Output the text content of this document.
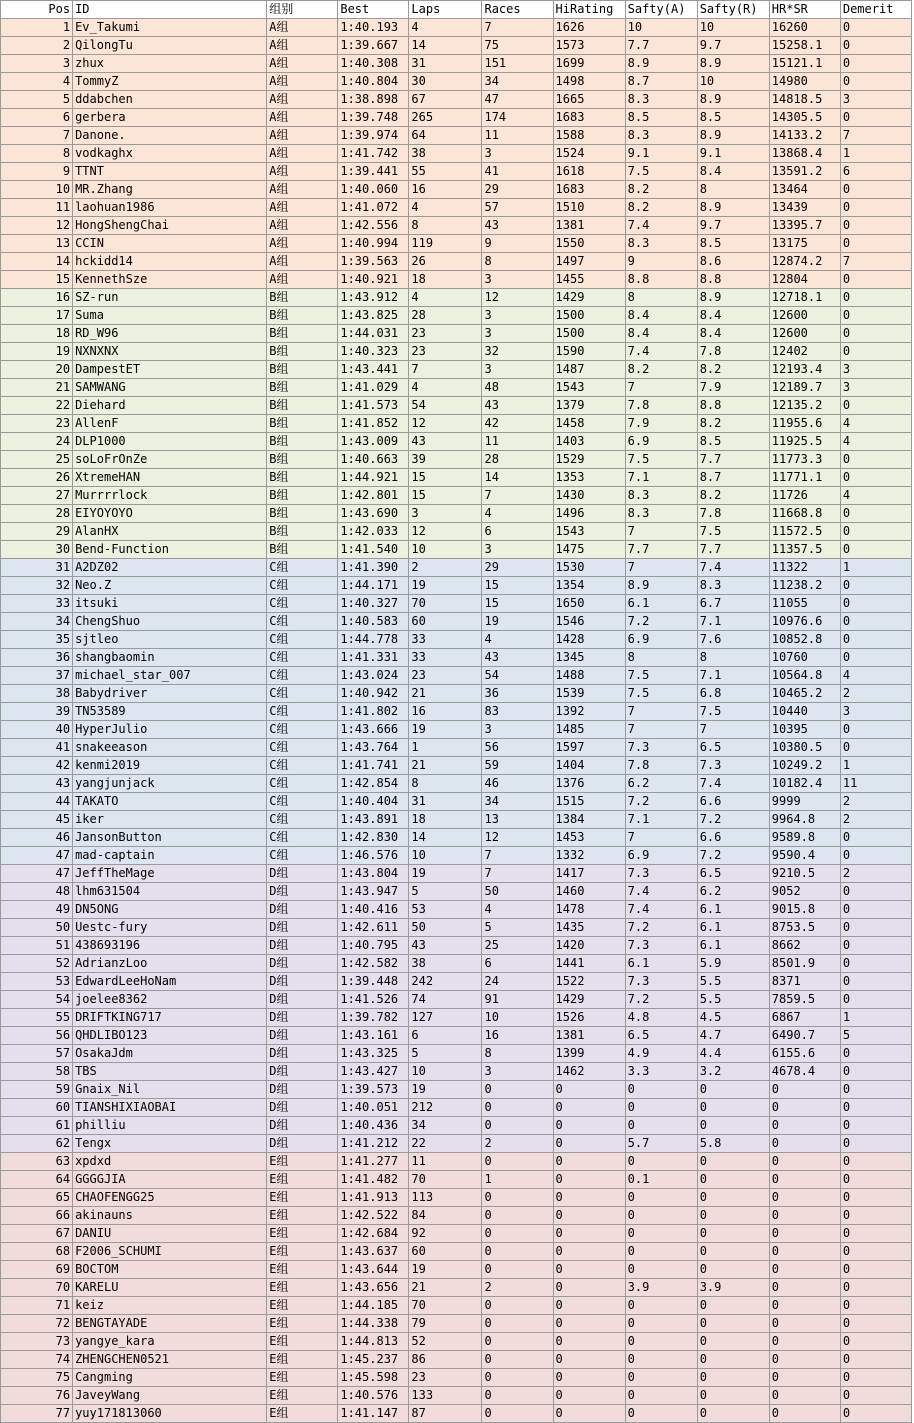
Pos	ID	组别	Best	Laps	Races	HiRating	Safty(A)	Safty(R)	HR*SR	Demerit
1	Ev_Takumi	A组	1:40.193	4	7	1626	10	10	16260	0
2	QilongTu	A组	1:39.667	14	75	1573	7.7	9.7	15258.1	0
3	zhux	A组	1:40.308	31	151	1699	8.9	8.9	15121.1	0
4	TommyZ	A组	1:40.804	30	34	1498	8.7	10	14980	0
5	ddabchen	A组	1:38.898	67	47	1665	8.3	8.9	14818.5	3
6	gerbera	A组	1:39.748	265	174	1683	8.5	8.5	14305.5	0
7	Danone.	A组	1:39.974	64	11	1588	8.3	8.9	14133.2	7
8	vodkaghx	A组	1:41.742	38	3	1524	9.1	9.1	13868.4	1
9	TTNT	A组	1:39.441	55	41	1618	7.5	8.4	13591.2	6
10	MR.Zhang	A组	1:40.060	16	29	1683	8.2	8	13464	0
11	laohuan1986	A组	1:41.072	4	57	1510	8.2	8.9	13439	0
12	HongShengChai	A组	1:42.556	8	43	1381	7.4	9.7	13395.7	0
13	CCIN	A组	1:40.994	119	9	1550	8.3	8.5	13175	0
14	hckidd14	A组	1:39.563	26	8	1497	9	8.6	12874.2	7
15	KennethSze	A组	1:40.921	18	3	1455	8.8	8.8	12804	0
16	SZ-run	B组	1:43.912	4	12	1429	8	8.9	12718.1	0
17	Suma	B组	1:43.825	28	3	1500	8.4	8.4	12600	0
18	RD_W96	B组	1:44.031	23	3	1500	8.4	8.4	12600	0
19	NXNXNX	B组	1:40.323	23	32	1590	7.4	7.8	12402	0
20	DampestET	B组	1:43.441	7	3	1487	8.2	8.2	12193.4	3
21	SAMWANG	B组	1:41.029	4	48	1543	7	7.9	12189.7	3
22	Diehard	B组	1:41.573	54	43	1379	7.8	8.8	12135.2	0
23	AllenF	B组	1:41.852	12	42	1458	7.9	8.2	11955.6	4
24	DLP1000	B组	1:43.009	43	11	1403	6.9	8.5	11925.5	4
25	soLoFrOnZe	B组	1:40.663	39	28	1529	7.5	7.7	11773.3	0
26	XtremeHAN	B组	1:44.921	15	14	1353	7.1	8.7	11771.1	0
27	Murrrrlock	B组	1:42.801	15	7	1430	8.3	8.2	11726	4
28	EIYOYOYO	B组	1:43.690	3	4	1496	8.3	7.8	11668.8	0
29	AlanHX	B组	1:42.033	12	6	1543	7	7.5	11572.5	0
30	Bend-Function	B组	1:41.540	10	3	1475	7.7	7.7	11357.5	0
31	A2DZ02	C组	1:41.390	2	29	1530	7	7.4	11322	1
32	Neo.Z	C组	1:44.171	19	15	1354	8.9	8.3	11238.2	0
33	itsuki	C组	1:40.327	70	15	1650	6.1	6.7	11055	0
34	ChengShuo	C组	1:40.583	60	19	1546	7.2	7.1	10976.6	0
35	sjtleo	C组	1:44.778	33	4	1428	6.9	7.6	10852.8	0
36	shangbaomin	C组	1:41.331	33	43	1345	8	8	10760	0
37	michael_star_007	C组	1:43.024	23	54	1488	7.5	7.1	10564.8	4
38	Babydriver	C组	1:40.942	21	36	1539	7.5	6.8	10465.2	2
39	TN53589	C组	1:41.802	16	83	1392	7	7.5	10440	3
40	HyperJulio	C组	1:43.666	19	3	1485	7	7	10395	0
41	snakeeason	C组	1:43.764	1	56	1597	7.3	6.5	10380.5	0
42	kenmi2019	C组	1:41.741	21	59	1404	7.8	7.3	10249.2	1
43	yangjunjack	C组	1:42.854	8	46	1376	6.2	7.4	10182.4	11
44	TAKATO	C组	1:40.404	31	34	1515	7.2	6.6	9999	2
45	iker	C组	1:43.891	18	13	1384	7.1	7.2	9964.8	2
46	JansonButton	C组	1:42.830	14	12	1453	7	6.6	9589.8	0
47	mad-captain	C组	1:46.576	10	7	1332	6.9	7.2	9590.4	0
47	JeffTheMage	D组	1:43.804	19	7	1417	7.3	6.5	9210.5	2
48	lhm631504	D组	1:43.947	5	50	1460	7.4	6.2	9052	0
49	DN5ONG	D组	1:40.416	53	4	1478	7.4	6.1	9015.8	0
50	Uestc-fury	D组	1:42.611	50	5	1435	7.2	6.1	8753.5	0
51	438693196	D组	1:40.795	43	25	1420	7.3	6.1	8662	0
52	AdrianzLoo	D组	1:42.582	38	6	1441	6.1	5.9	8501.9	0
53	EdwardLeeHoNam	D组	1:39.448	242	24	1522	7.3	5.5	8371	0
54	joelee8362	D组	1:41.526	74	91	1429	7.2	5.5	7859.5	0
55	DRIFTKING717	D组	1:39.782	127	10	1526	4.8	4.5	6867	1
56	QHDLIBO123	D组	1:43.161	6	16	1381	6.5	4.7	6490.7	5
57	OsakaJdm	D组	1:43.325	5	8	1399	4.9	4.4	6155.6	0
58	TBS	D组	1:43.427	10	3	1462	3.3	3.2	4678.4	0
59	Gnaix_Nil	D组	1:39.573	19	0	0	0	0	0	0
60	TIANSHIXIAOBAI	D组	1:40.051	212	0	0	0	0	0	0
61	philliu	D组	1:40.436	34	0	0	0	0	0	0
62	Tengx	D组	1:41.212	22	2	0	5.7	5.8	0	0
63	xpdxd	E组	1:41.277	11	0	0	0	0	0	0
64	GGGGJIA	E组	1:41.482	70	1	0	0.1	0	0	0
65	CHAOFENGG25	E组	1:41.913	113	0	0	0	0	0	0
66	akinauns	E组	1:42.522	84	0	0	0	0	0	0
67	DANIU	E组	1:42.684	92	0	0	0	0	0	0
68	F2006_SCHUMI	E组	1:43.637	60	0	0	0	0	0	0
69	BOCTOM	E组	1:43.644	19	0	0	0	0	0	0
70	KARELU	E组	1:43.656	21	2	0	3.9	3.9	0	0
71	keiz	E组	1:44.185	70	0	0	0	0	0	0
72	BENGTAYADE	E组	1:44.338	79	0	0	0	0	0	0
73	yangye_kara	E组	1:44.813	52	0	0	0	0	0	0
74	ZHENGCHEN0521	E组	1:45.237	86	0	0	0	0	0	0
75	Cangming	E组	1:45.598	23	0	0	0	0	0	0
76	JaveyWang	E组	1:40.576	133	0	0	0	0	0	0
77	yuy171813060	E组	1:41.147	87	0	0	0	0	0	0
